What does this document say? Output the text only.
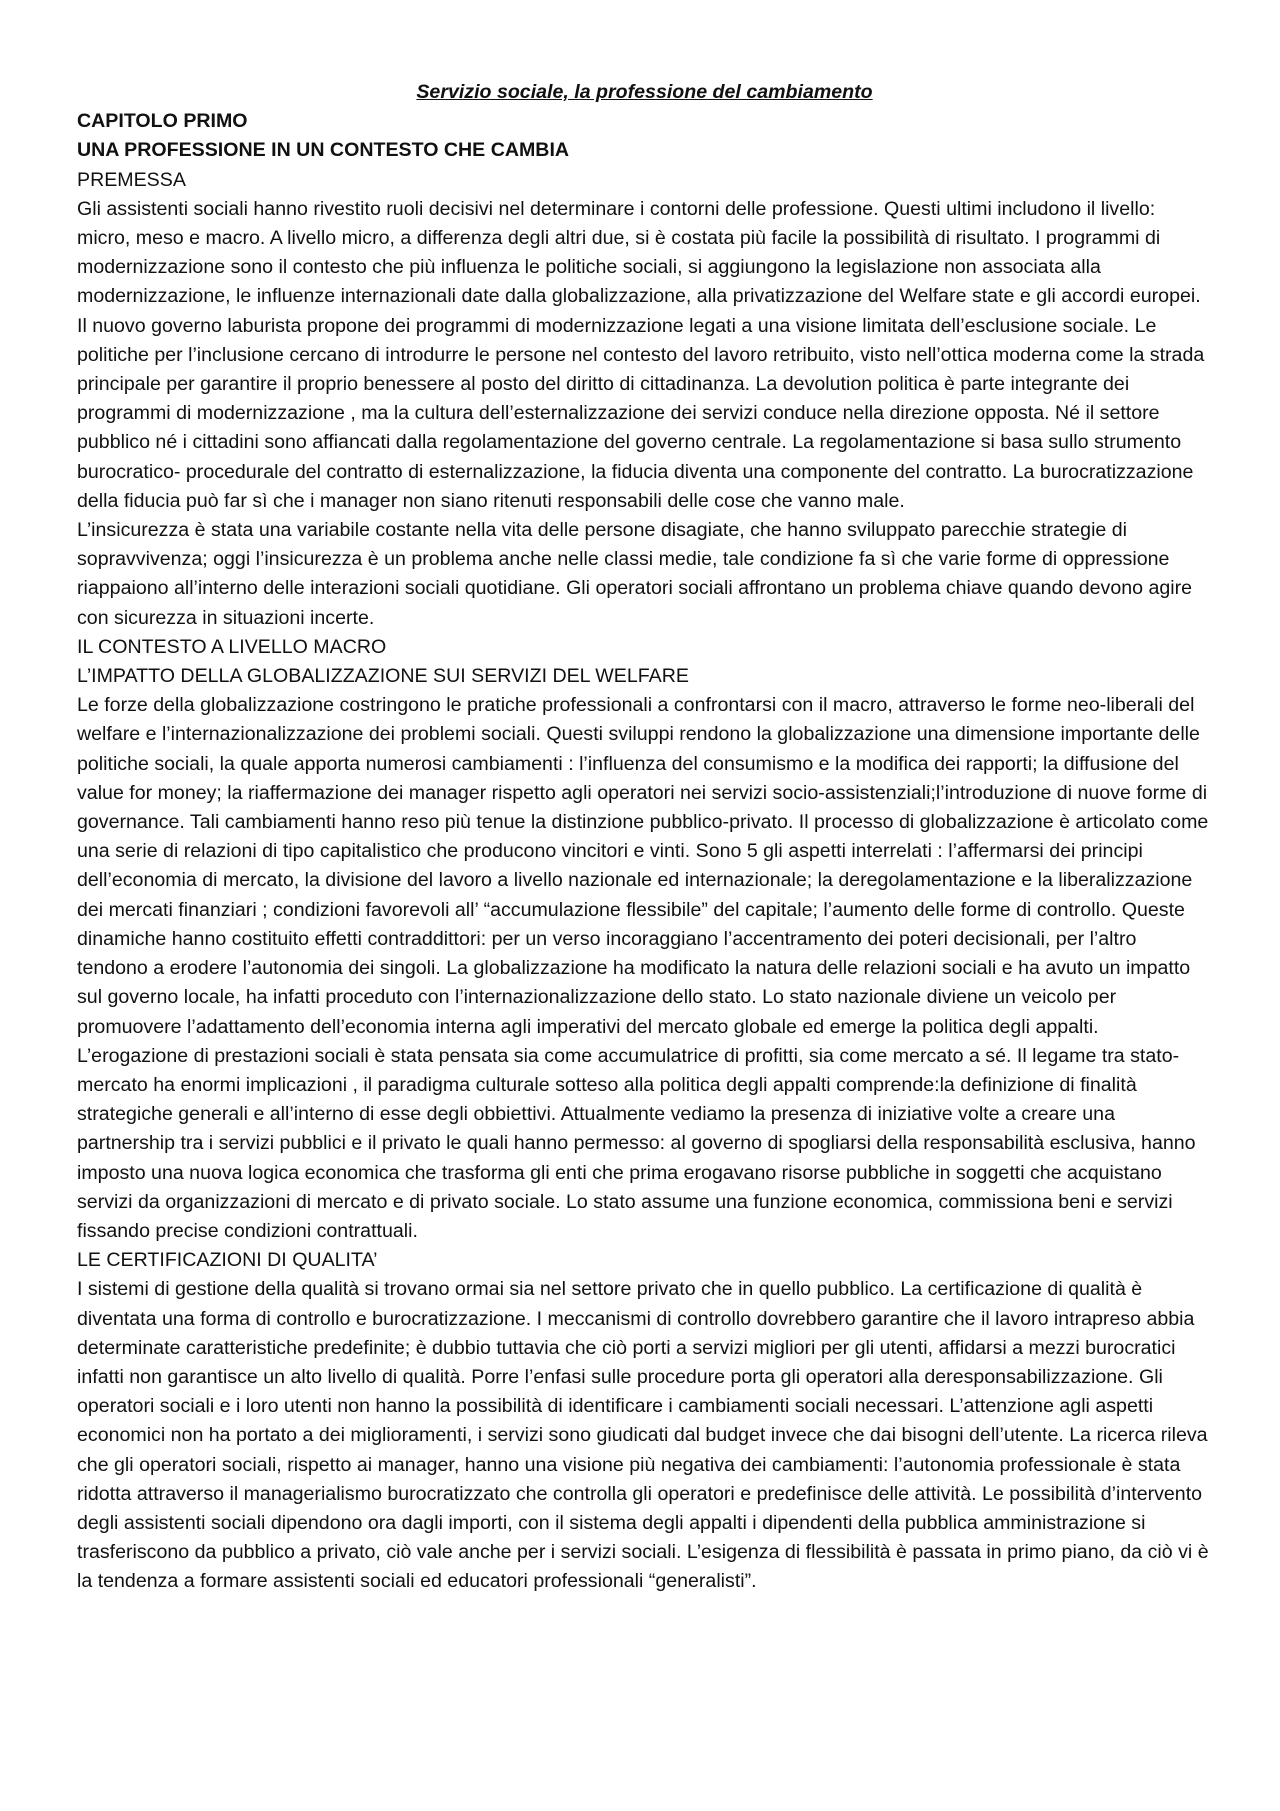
Servizio sociale, la professione del cambiamento
CAPITOLO PRIMO
UNA PROFESSIONE IN UN CONTESTO CHE CAMBIA
PREMESSA

Gli assistenti sociali hanno rivestito ruoli decisivi nel determinare i contorni delle professione. Questi ultimi includono il livello: micro, meso e macro. A livello micro, a differenza degli altri due, si è costata più facile la possibilità di risultato. I programmi di modernizzazione sono il contesto che più influenza le politiche sociali, si aggiungono la legislazione non associata alla modernizzazione, le influenze internazionali date dalla globalizzazione, alla privatizzazione del Welfare state e gli accordi europei. Il nuovo governo laburista propone dei programmi di modernizzazione legati a una visione limitata dell’esclusione sociale. Le politiche per l’inclusione cercano di introdurre le persone nel contesto del lavoro retribuito, visto nell’ottica moderna come la strada principale per garantire il proprio benessere al posto del diritto di cittadinanza. La devolution politica è parte integrante dei programmi di modernizzazione , ma la cultura dell’esternalizzazione dei servizi conduce nella direzione opposta. Né il settore pubblico né i cittadini sono affiancati dalla regolamentazione del governo centrale. La regolamentazione si basa sullo strumento burocratico- procedurale del contratto di esternalizzazione, la fiducia diventa una componente del contratto. La burocratizzazione della fiducia può far sì che i manager non siano ritenuti responsabili delle cose che vanno male.

L’insicurezza è stata una variabile costante nella vita delle persone disagiate, che hanno sviluppato parecchie strategie di sopravvivenza; oggi l’insicurezza è un problema anche nelle classi medie, tale condizione fa sì che varie forme di oppressione riappaiono all’interno delle interazioni sociali quotidiane. Gli operatori sociali affrontano un problema chiave quando devono agire con sicurezza in situazioni incerte.

IL CONTESTO A LIVELLO MACRO
L’IMPATTO DELLA GLOBALIZZAZIONE SUI SERVIZI DEL WELFARE

Le forze della globalizzazione costringono le pratiche professionali a confrontarsi con il macro, attraverso le forme neo-liberali del welfare e l’internazionalizzazione dei problemi sociali. Questi sviluppi rendono la globalizzazione una dimensione importante delle politiche sociali, la quale apporta numerosi cambiamenti : l’influenza del consumismo e la modifica dei rapporti; la diffusione del value for money; la riaffermazione dei manager rispetto agli operatori nei servizi socio-assistenziali;l’introduzione di nuove forme di governance. Tali cambiamenti hanno reso più tenue la distinzione pubblico-privato. Il processo di globalizzazione è articolato come una serie di relazioni di tipo capitalistico che producono vincitori e vinti. Sono 5 gli aspetti interrelati : l’affermarsi dei principi dell’economia di mercato, la divisione del lavoro a livello nazionale ed internazionale; la deregolamentazione e la liberalizzazione dei mercati finanziari ; condizioni favorevoli all’ “accumulazione flessibile” del capitale; l’aumento delle forme di controllo. Queste dinamiche hanno costituito effetti contraddittori: per un verso incoraggiano l’accentramento dei poteri decisionali, per l’altro tendono a erodere l’autonomia dei singoli. La globalizzazione ha modificato la natura delle relazioni sociali e ha avuto un impatto sul governo locale, ha infatti proceduto con l’internazionalizzazione dello stato. Lo stato nazionale diviene un veicolo per promuovere l’adattamento dell’economia interna agli imperativi del mercato globale ed emerge la politica degli appalti. L’erogazione di prestazioni sociali è stata pensata sia come accumulatrice di profitti, sia come mercato a sé. Il legame tra stato-mercato ha enormi implicazioni , il paradigma culturale sotteso alla politica degli appalti comprende:la definizione di finalità strategiche generali e all’interno di esse degli obbiettivi. Attualmente vediamo la presenza di iniziative volte a creare una partnership tra i servizi pubblici e il privato le quali hanno permesso: al governo di spogliarsi della responsabilità esclusiva, hanno imposto una nuova logica economica che trasforma gli enti che prima erogavano risorse pubbliche in soggetti che acquistano servizi da organizzazioni di mercato e di privato sociale. Lo stato assume una funzione economica, commissiona beni e servizi fissando precise condizioni contrattuali.

LE CERTIFICAZIONI DI QUALITA’

I sistemi di gestione della qualità si trovano ormai sia nel settore privato che in quello pubblico. La certificazione di qualità è diventata una forma di controllo e burocratizzazione. I meccanismi di controllo dovrebbero garantire che il lavoro intrapreso abbia determinate caratteristiche predefinite; è dubbio tuttavia che ciò porti a servizi migliori per gli utenti, affidarsi a mezzi burocratici infatti non garantisce un alto livello di qualità. Porre l’enfasi sulle procedure porta gli operatori alla deresponsabilizzazione. Gli operatori sociali e i loro utenti non hanno la possibilità di identificare i cambiamenti sociali necessari. L’attenzione agli aspetti economici non ha portato a dei miglioramenti, i servizi sono giudicati dal budget invece che dai bisogni dell’utente. La ricerca rileva che gli operatori sociali, rispetto ai manager, hanno una visione più negativa dei cambiamenti: l’autonomia professionale è stata ridotta attraverso il managerialismo burocratizzato che controlla gli operatori e predefinisce delle attività. Le possibilità d’intervento degli assistenti sociali dipendono ora dagli importi, con il sistema degli appalti i dipendenti della pubblica amministrazione si trasferiscono da pubblico a privato, ciò vale anche per i servizi sociali. L’esigenza di flessibilità è passata in primo piano, da ciò vi è la tendenza a formare assistenti sociali ed educatori professionali “generalisti”.
